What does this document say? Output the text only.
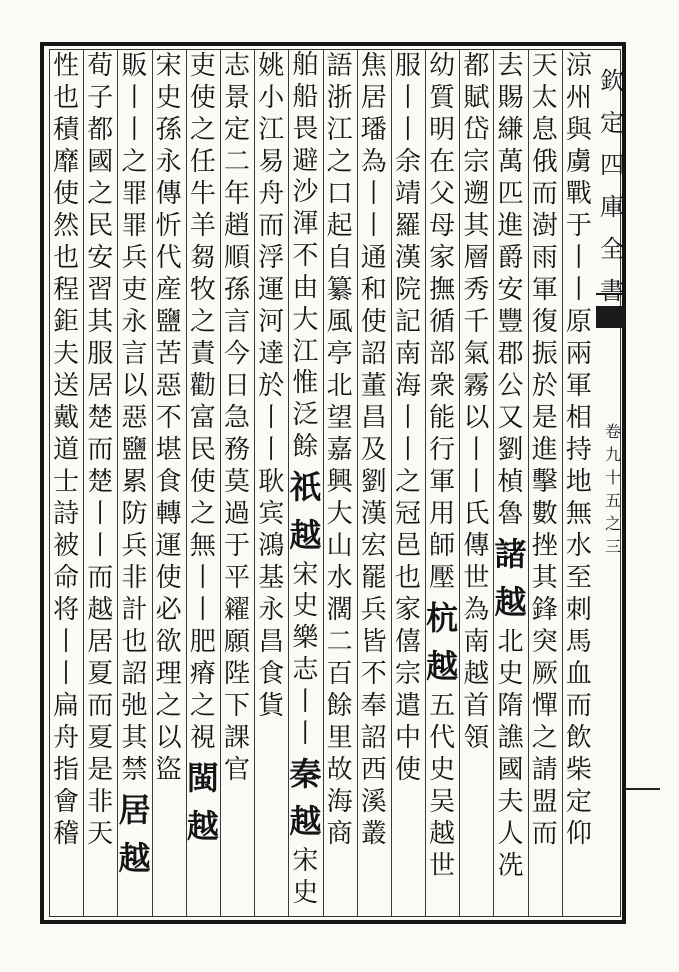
涼
州
與
虜
戰
于
丨
丨
原
兩
軍
相
持
地
無
水
至
刺
馬
血
而
飲
柴
定
仰
天
太
息
俄
而
澍
雨
軍
復
振
於
是
進
擊
數
挫
其
鋒
突
厥
憚
之
請
盟
而
去
賜
縑
萬
匹
進
爵
安
豐
郡
公
又
劉
楨
魯
諸
越
北
史
隋
譙
國
夫
人
冼
都
賦
岱
宗
遡
其
層
秀
千
氣
霧
以
丨
丨
氏
傳
世
為
南
越
首
領
幼
質
明
在
父
母
家
撫
循
部
衆
能
行
軍
用
師
壓
杭
越
五
代
史
吴
越
世
服
丨
丨
余
靖
羅
漢
院
記
南
海
丨
丨
之
冠
邑
也
家
僖
宗
遣
中
使
焦
居
璠
為
丨
丨
通
和
使
詔
董
昌
及
劉
漢
宏
罷
兵
皆
不
奉
詔
西
溪
叢
語
浙
江
之
口
起
自
纂
風
亭
北
望
嘉
興
大
山
水
濶
二
百
餘
里
故
海
商
舶
船
畏
避
沙
渾
不
由
大
江
惟
泛
餘
祇
越
宋
史
樂
志
丨
丨
秦
越
宋
史
姚
小
江
易
舟
而
浮
運
河
達
於
丨
丨
耿
宾
鴻
基
永
昌
食
貨
志
景
定
二
年
趙
順
孫
言
今
日
急
務
莫
過
于
平
糴
願
陛
下
課
官
吏
使
之
任
牛
羊
芻
牧
之
責
勸
富
民
使
之
無
丨
丨
肥
瘠
之
視
閩
越
宋
史
孫
永
傳
忻
代
産
鹽
苦
惡
不
堪
食
轉
運
使
必
欲
理
之
以
盜
販
丨
丨
之
罪
罪
兵
吏
永
言
以
惡
鹽
累
防
兵
非
計
也
詔
弛
其
禁
居
越
荀
子
都
國
之
民
安
習
其
服
居
楚
而
楚
丨
丨
而
越
居
夏
而
夏
是
非
天
性
也
積
靡
使
然
也
程
鉅
夫
送
戴
道
士
詩
被
命
将
丨
丨
扁
舟
指
會
稽
欽
定
四
庫
全
書
卷
九
十
五
之
三
